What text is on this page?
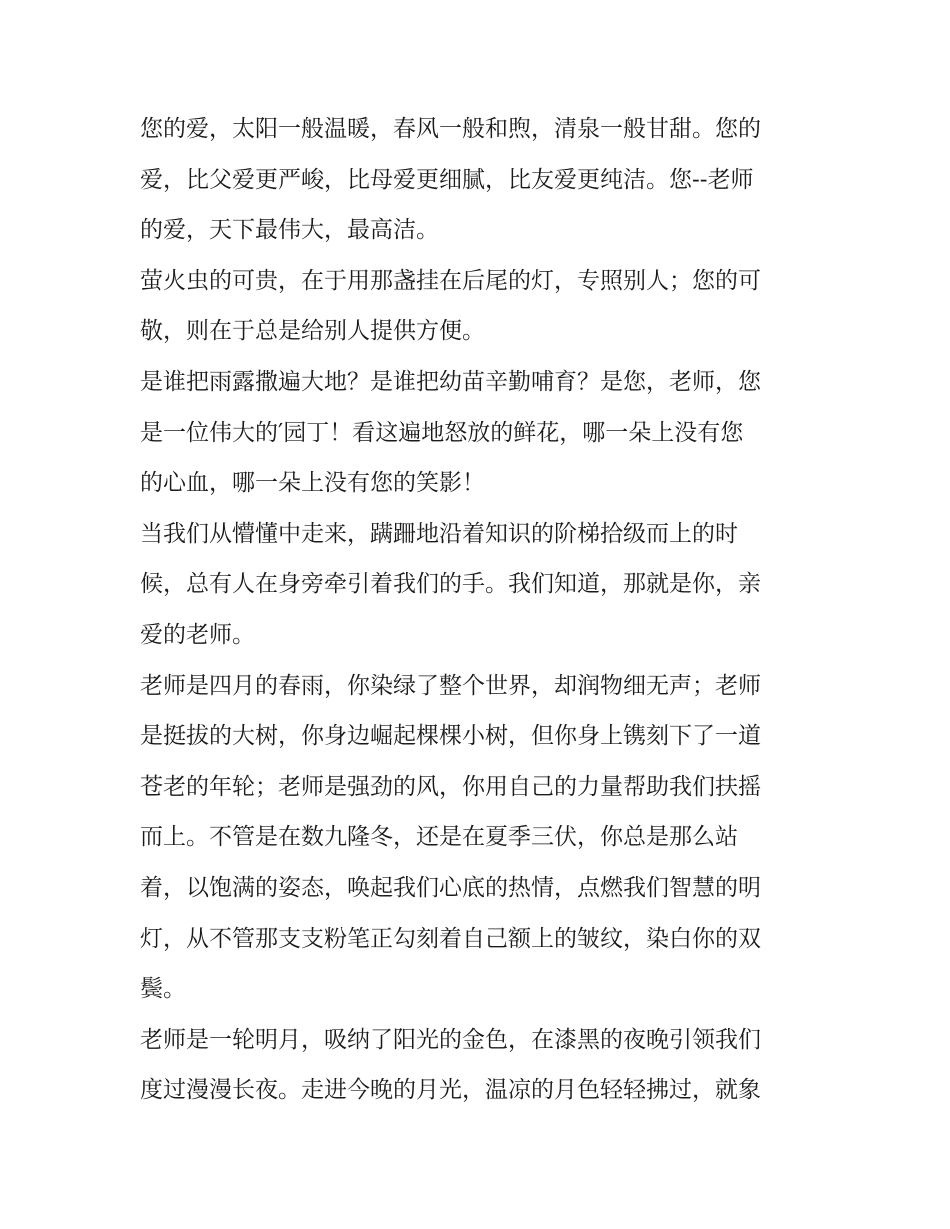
您的爱，太阳一般温暖，春风一般和煦，清泉一般甘甜。您的
爱，比父爱更严峻，比母爱更细腻，比友爱更纯洁。您--老师
的爱，天下最伟大，最高洁。
萤火虫的可贵，在于用那盏挂在后尾的灯，专照别人；您的可
敬，则在于总是给别人提供方便。
是谁把雨露撒遍大地？是谁把幼苗辛勤哺育？是您，老师，您
是一位伟大的′园丁！看这遍地怒放的鲜花，哪一朵上没有您
的心血，哪一朵上没有您的笑影！
当我们从懵懂中走来，蹒跚地沿着知识的阶梯拾级而上的时
候，总有人在身旁牵引着我们的手。我们知道，那就是你，亲
爱的老师。
老师是四月的春雨，你染绿了整个世界，却润物细无声；老师
是挺拔的大树，你身边崛起棵棵小树，但你身上镌刻下了一道
苍老的年轮；老师是强劲的风，你用自己的力量帮助我们扶摇
而上。不管是在数九隆冬，还是在夏季三伏，你总是那么站
着，以饱满的姿态，唤起我们心底的热情，点燃我们智慧的明
灯，从不管那支支粉笔正勾刻着自己额上的皱纹，染白你的双
鬓。
老师是一轮明月，吸纳了阳光的金色，在漆黑的夜晚引领我们
度过漫漫长夜。走进今晚的月光，温凉的月色轻轻拂过，就象
